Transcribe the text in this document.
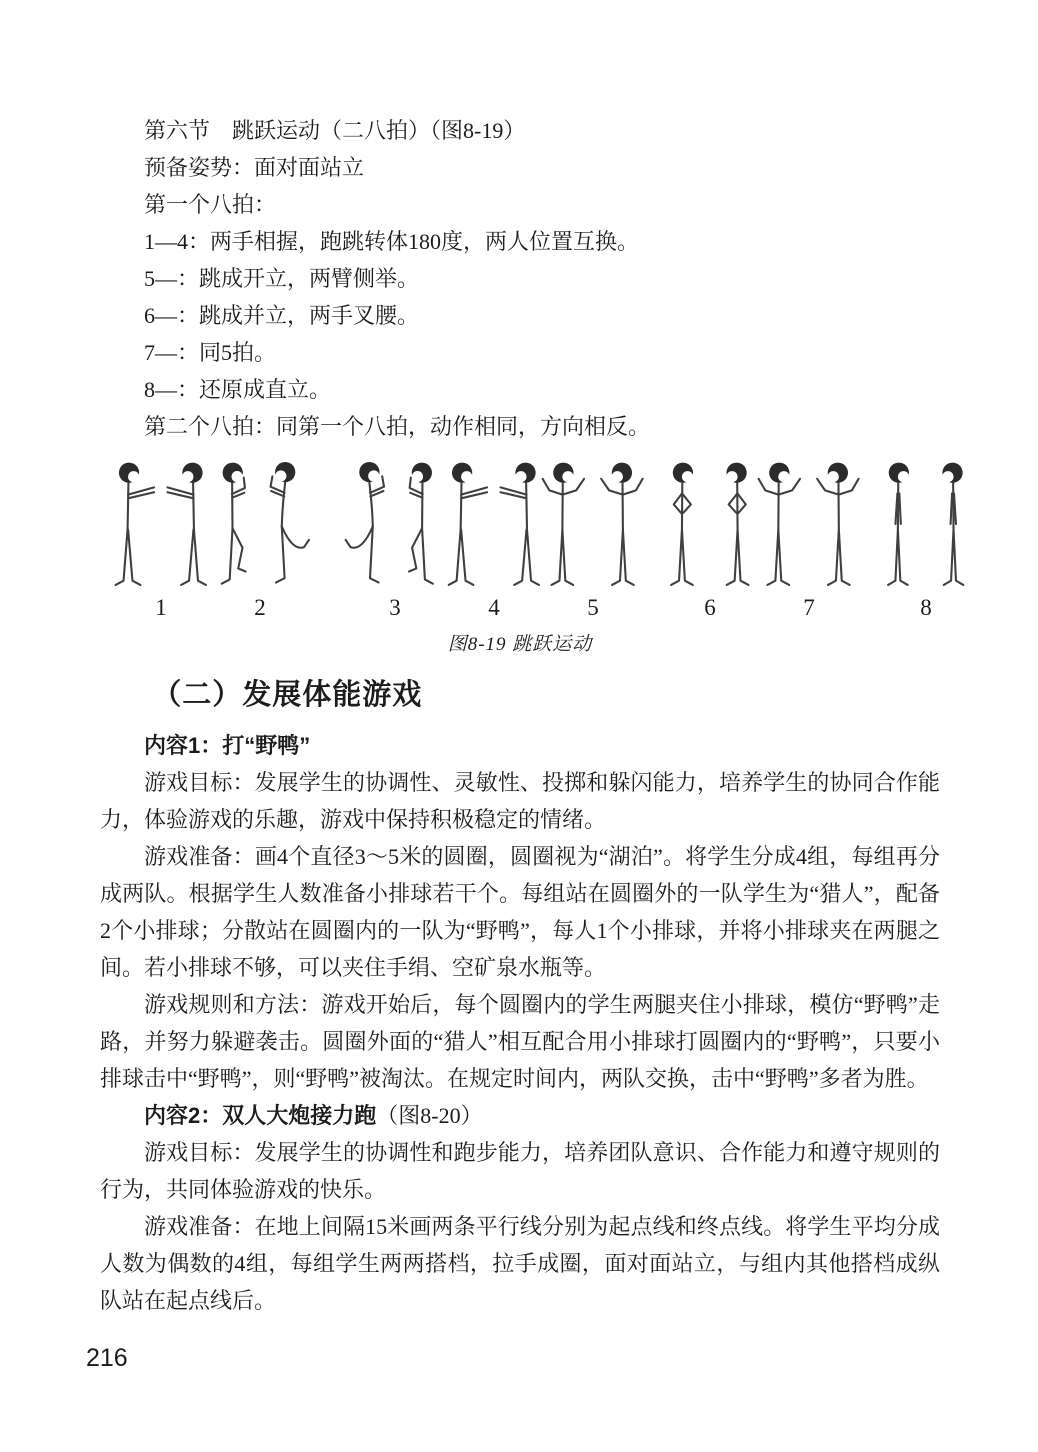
第六节　跳跃运动（二八拍）（图8-19）
预备姿势：面对面站立
第一个八拍：
1—4：两手相握，跑跳转体180度，两人位置互换。
5—：跳成开立，两臂侧举。
6—：跳成并立，两手叉腰。
7—：同5拍。
8—：还原成直立。
第二个八拍：同第一个八拍，动作相同，方向相反。
1	2	3	4	5	6	7	8
图8-19 跳跃运动
（二）发展体能游戏
内容1：打“野鸭”

游戏目标：发展学生的协调性、灵敏性、投掷和躲闪能力，培养学生的协同合作能力，体验游戏的乐趣，游戏中保持积极稳定的情绪。

游戏准备：画4个直径3～5米的圆圈，圆圈视为“湖泊”。将学生分成4组，每组再分成两队。根据学生人数准备小排球若干个。每组站在圆圈外的一队学生为“猎人”，配备2个小排球；分散站在圆圈内的一队为“野鸭”，每人1个小排球，并将小排球夹在两腿之间。若小排球不够，可以夹住手绢、空矿泉水瓶等。

游戏规则和方法：游戏开始后，每个圆圈内的学生两腿夹住小排球，模仿“野鸭”走路，并努力躲避袭击。圆圈外面的“猎人”相互配合用小排球打圆圈内的“野鸭”，只要小排球击中“野鸭”，则“野鸭”被淘汰。在规定时间内，两队交换，击中“野鸭”多者为胜。

内容2：双人大炮接力跑（图8-20）

游戏目标：发展学生的协调性和跑步能力，培养团队意识、合作能力和遵守规则的行为，共同体验游戏的快乐。

游戏准备：在地上间隔15米画两条平行线分别为起点线和终点线。将学生平均分成人数为偶数的4组，每组学生两两搭档，拉手成圈，面对面站立，与组内其他搭档成纵队站在起点线后。

216
